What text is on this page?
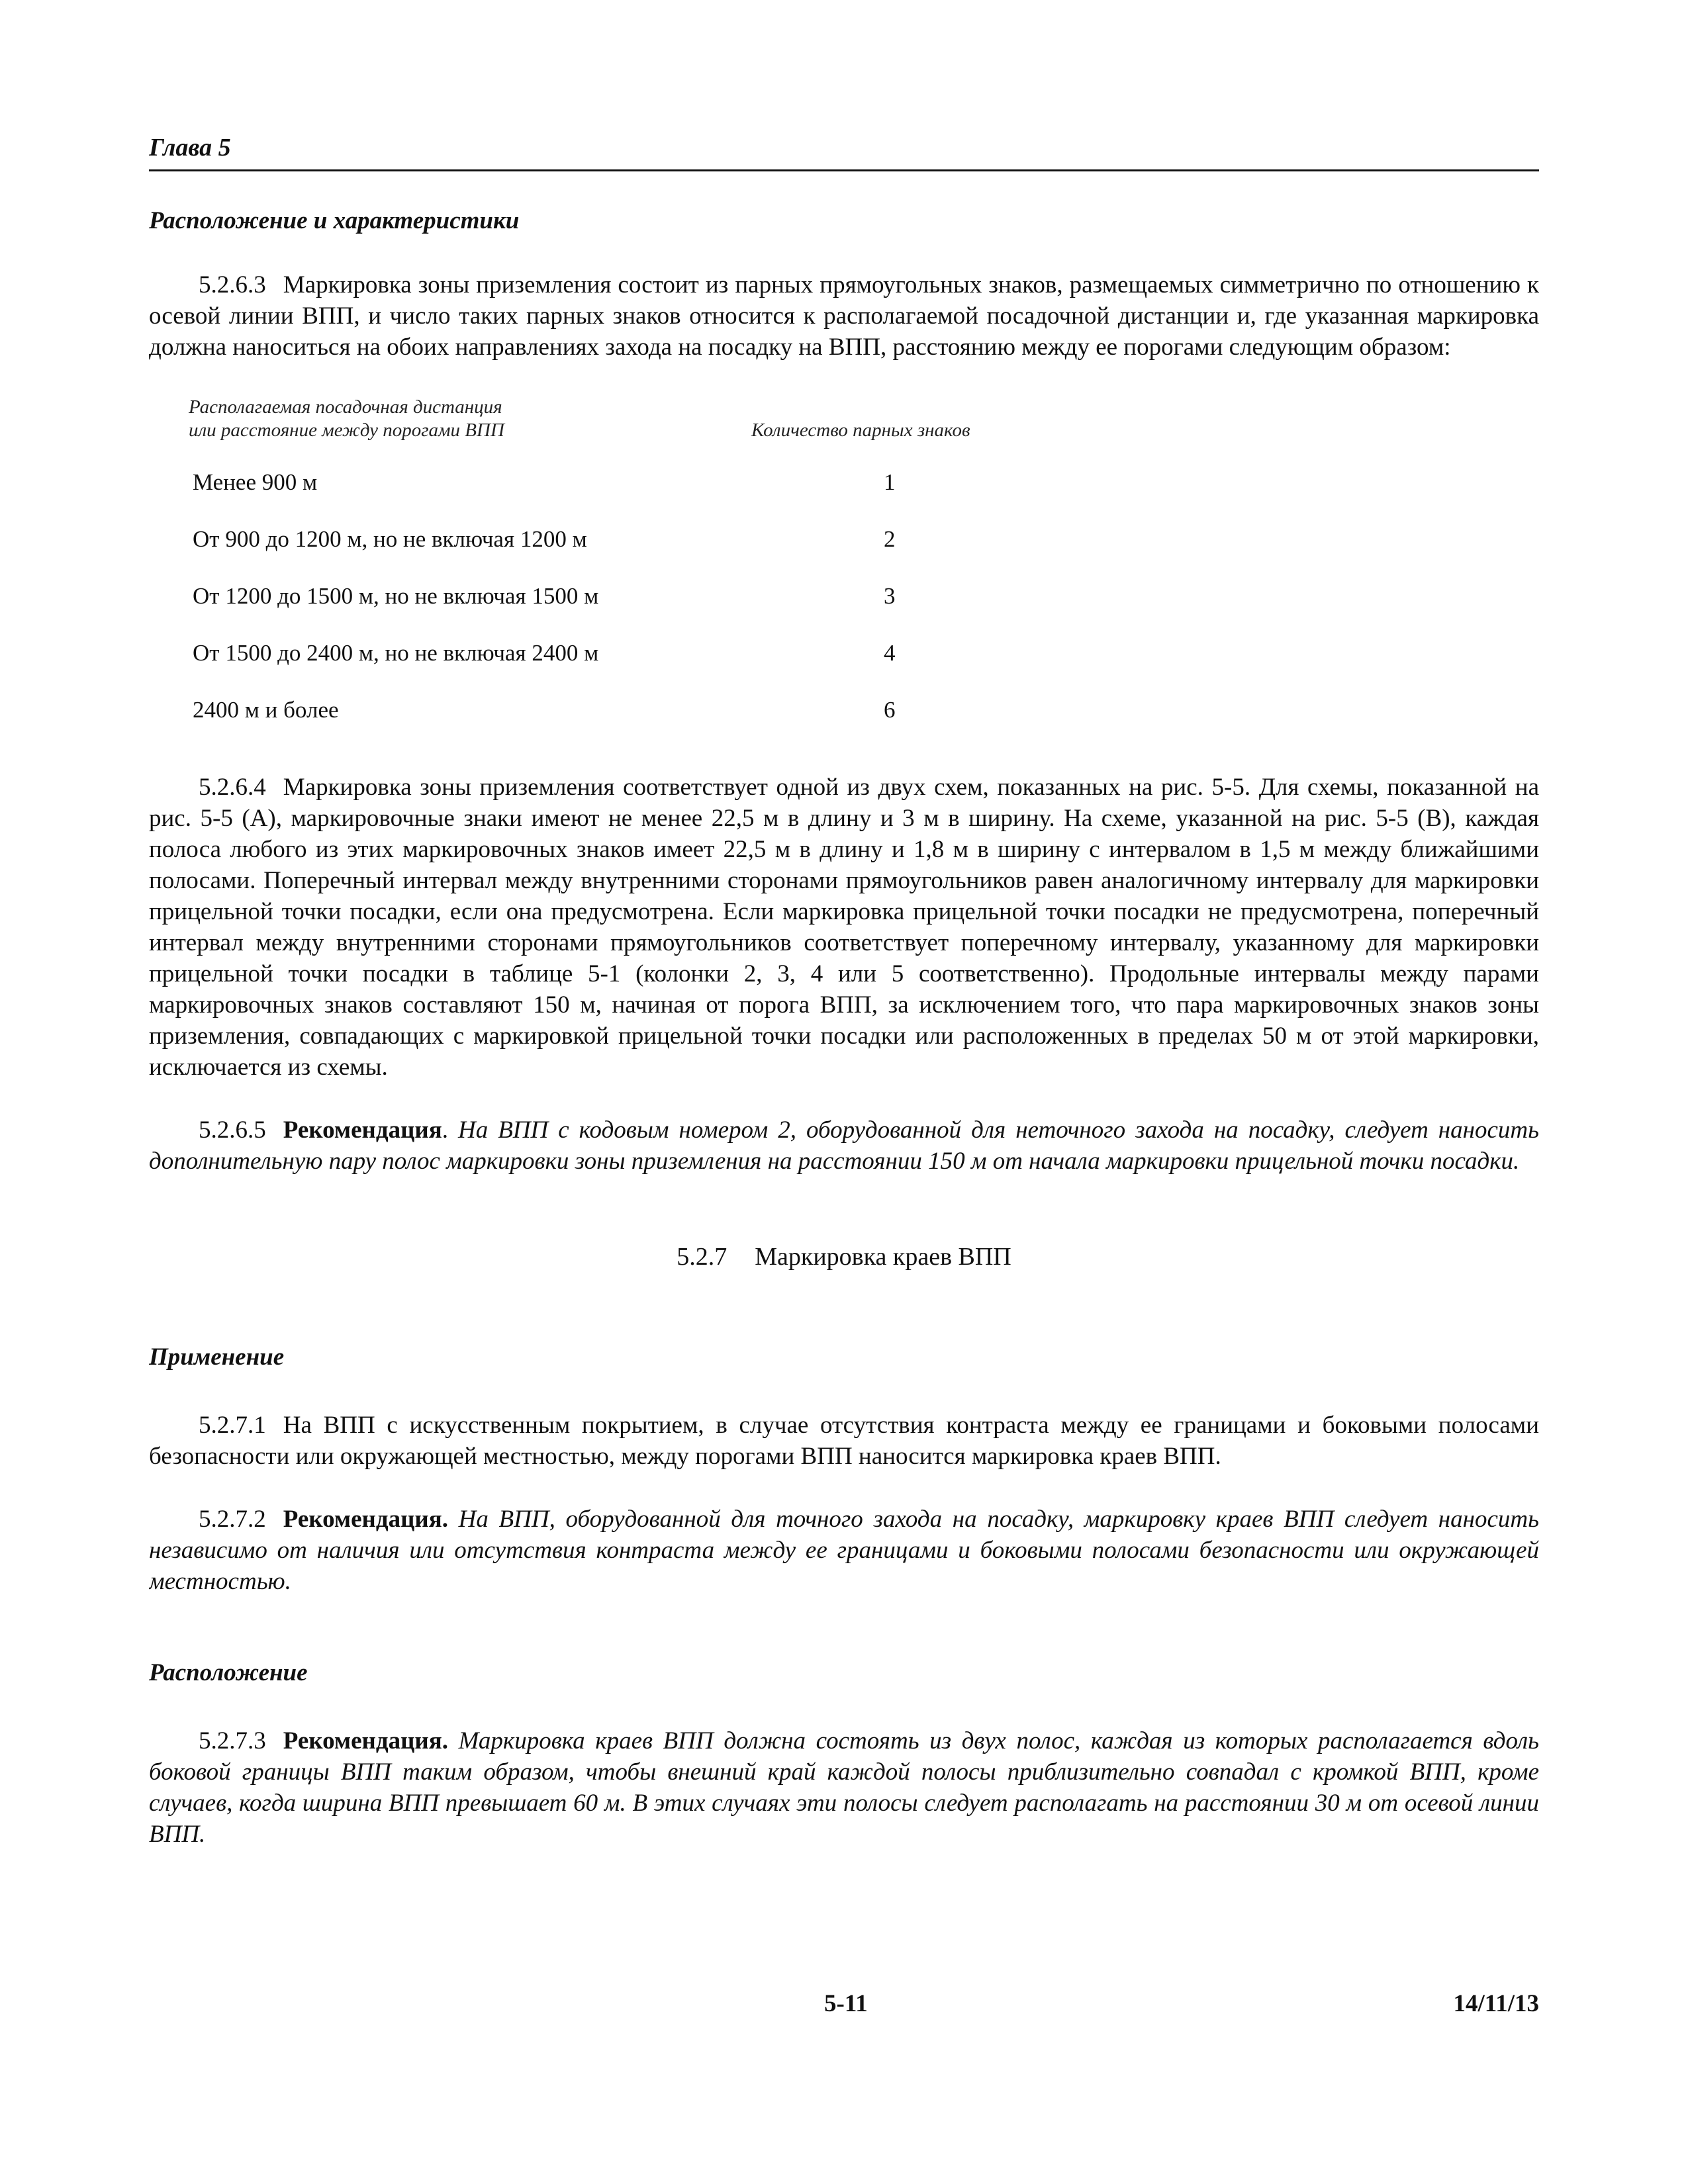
Глава 5
Расположение и характеристики

5.2.6.3 Маркировка зоны приземления состоит из парных прямоугольных знаков, размещаемых симметрично по отношению к осевой линии ВПП, и число таких парных знаков относится к располагаемой посадочной дистанции и, где указанная маркировка должна наноситься на обоих направлениях захода на посадку на ВПП, расстоянию между ее порогами следующим образом:

Располагаемая посадочная дистанция
или расстояние между порогами ВПП	Количество парных знаков
Менее 900 м	1
От 900 до 1200 м, но не включая 1200 м	2
От 1200 до 1500 м, но не включая 1500 м	3
От 1500 до 2400 м, но не включая 2400 м	4
2400 м и более	6

5.2.6.4 Маркировка зоны приземления соответствует одной из двух схем, показанных на рис. 5-5. Для схемы, показанной на рис. 5-5 (А), маркировочные знаки имеют не менее 22,5 м в длину и 3 м в ширину. На схеме, указанной на рис. 5-5 (В), каждая полоса любого из этих маркировочных знаков имеет 22,5 м в длину и 1,8 м в ширину с интервалом в 1,5 м между ближайшими полосами. Поперечный интервал между внутренними сторонами прямоугольников равен аналогичному интервалу для маркировки прицельной точки посадки, если она предусмотрена. Если маркировка прицельной точки посадки не предусмотрена, поперечный интервал между внутренними сторонами прямоугольников соответствует поперечному интервалу, указанному для маркировки прицельной точки посадки в таблице 5-1 (колонки 2, 3, 4 или 5 соответственно). Продольные интервалы между парами маркировочных знаков составляют 150 м, начиная от порога ВПП, за исключением того, что пара маркировочных знаков зоны приземления, совпадающих с маркировкой прицельной точки посадки или расположенных в пределах 50 м от этой маркировки, исключается из схемы.

5.2.6.5 Рекомендация. На ВПП с кодовым номером 2, оборудованной для неточного захода на посадку, следует наносить дополнительную пару полос маркировки зоны приземления на расстоянии 150 м от начала маркировки прицельной точки посадки.

5.2.7 Маркировка краев ВПП
Применение

5.2.7.1 На ВПП с искусственным покрытием, в случае отсутствия контраста между ее границами и боковыми полосами безопасности или окружающей местностью, между порогами ВПП наносится маркировка краев ВПП.

5.2.7.2 Рекомендация. На ВПП, оборудованной для точного захода на посадку, маркировку краев ВПП следует наносить независимо от наличия или отсутствия контраста между ее границами и боковыми полосами безопасности или окружающей местностью.

Расположение

5.2.7.3 Рекомендация. Маркировка краев ВПП должна состоять из двух полос, каждая из которых располагается вдоль боковой границы ВПП таким образом, чтобы внешний край каждой полосы приблизительно совпадал с кромкой ВПП, кроме случаев, когда ширина ВПП превышает 60 м. В этих случаях эти полосы следует располагать на расстоянии 30 м от осевой линии ВПП.

5-11	14/11/13
